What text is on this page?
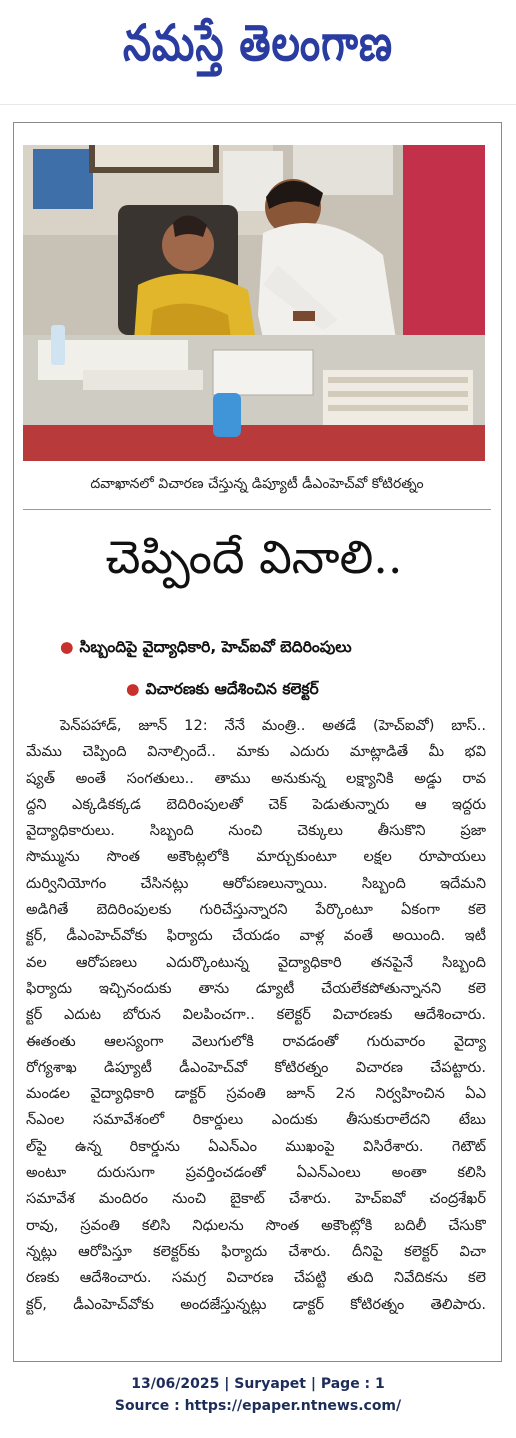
నమస్తే తెలంగాణ
దవాఖానలో విచారణ చేస్తున్న డిప్యూటీ డీఎంహెచ్‌వో కోటిరత్నం
చెప్పిందే వినాలి..
● సిబ్బందిపై వైద్యాధికారి, హెచ్‌ఐవో బెదిరింపులు
● విచారణకు ఆదేశించిన కలెక్టర్
పెన్‌పహాడ్‌, జూన్‌ 12: నేనే మంత్రి.. అతడే (హెచ్‌ఐవో) బాస్‌..
మేము చెప్పింది వినాల్సిందే.. మాకు ఎదురు మాట్లాడితే మీ భవి
ష్యత్‌ అంతే సంగతులు.. తాము అనుకున్న లక్ష్యానికి అడ్డు రావ
ద్దని ఎక్కడికక్కడ బెదిరింపులతో చెక్‌ పెడుతున్నారు ఆ ఇద్దరు
వైద్యాధికారులు. సిబ్బంది నుంచి చెక్కులు తీసుకొని ప్రజా
సొమ్మును సొంత అకౌంట్లలోకి మార్చుకుంటూ లక్షల రూపాయలు
దుర్వినియోగం చేసినట్లు ఆరోపణలున్నాయి. సిబ్బంది ఇదేమని
అడిగితే బెదిరింపులకు గురిచేస్తున్నారని పేర్కొంటూ ఏకంగా కలె
క్టర్‌, డీఎంహెచ్‌వోకు ఫిర్యాదు చేయడం వాళ్ల వంతే అయింది. ఇటీ
వల ఆరోపణలు ఎదుర్కొంటున్న వైద్యాధికారి తనపైనే సిబ్బంది
ఫిర్యాదు ఇచ్చినందుకు తాను డ్యూటీ చేయలేకపోతున్నానని కలె
క్టర్‌ ఎదుట బోరున విలపించగా.. కలెక్టర్‌ విచారణకు ఆదేశించారు.
ఈతంతు ఆలస్యంగా వెలుగులోకి రావడంతో గురువారం వైద్యా
రోగ్యశాఖ డిప్యూటీ డీఎంహెచ్‌వో కోటిరత్నం విచారణ చేపట్టారు.
మండల వైద్యాధికారి డాక్టర్‌ స్రవంతి జూన్‌ 2న నిర్వహించిన ఏఎ
న్‌ఎంల సమావేశంలో రికార్డులు ఎందుకు తీసుకురాలేదని టేబు
ల్‌పై ఉన్న రికార్డును ఏఎన్‌ఎం ముఖంపై విసిరేశారు. గెటౌట్‌
అంటూ దురుసుగా ప్రవర్తించడంతో ఏఎన్‌ఎంలు అంతా కలిసి
సమావేశ మందిరం నుంచి బైకాట్‌ చేశారు. హెచ్‌ఐవో చంద్రశేఖర్‌
రావు, స్రవంతి కలిసి నిధులను సొంత అకౌంట్లోకి బదిలీ చేసుకొ
న్నట్లు ఆరోపిస్తూ కలెక్టర్‌కు ఫిర్యాదు చేశారు. దీనిపై కలెక్టర్‌ విచా
రణకు ఆదేశించారు. సమగ్ర విచారణ చేపట్టి తుది నివేదికను కలె
క్టర్‌, డీఎంహెచ్‌వోకు అందజేస్తున్నట్లు డాక్టర్‌ కోటిరత్నం తెలిపారు.
13/06/2025 | Suryapet | Page : 1
Source : https://epaper.ntnews.com/
